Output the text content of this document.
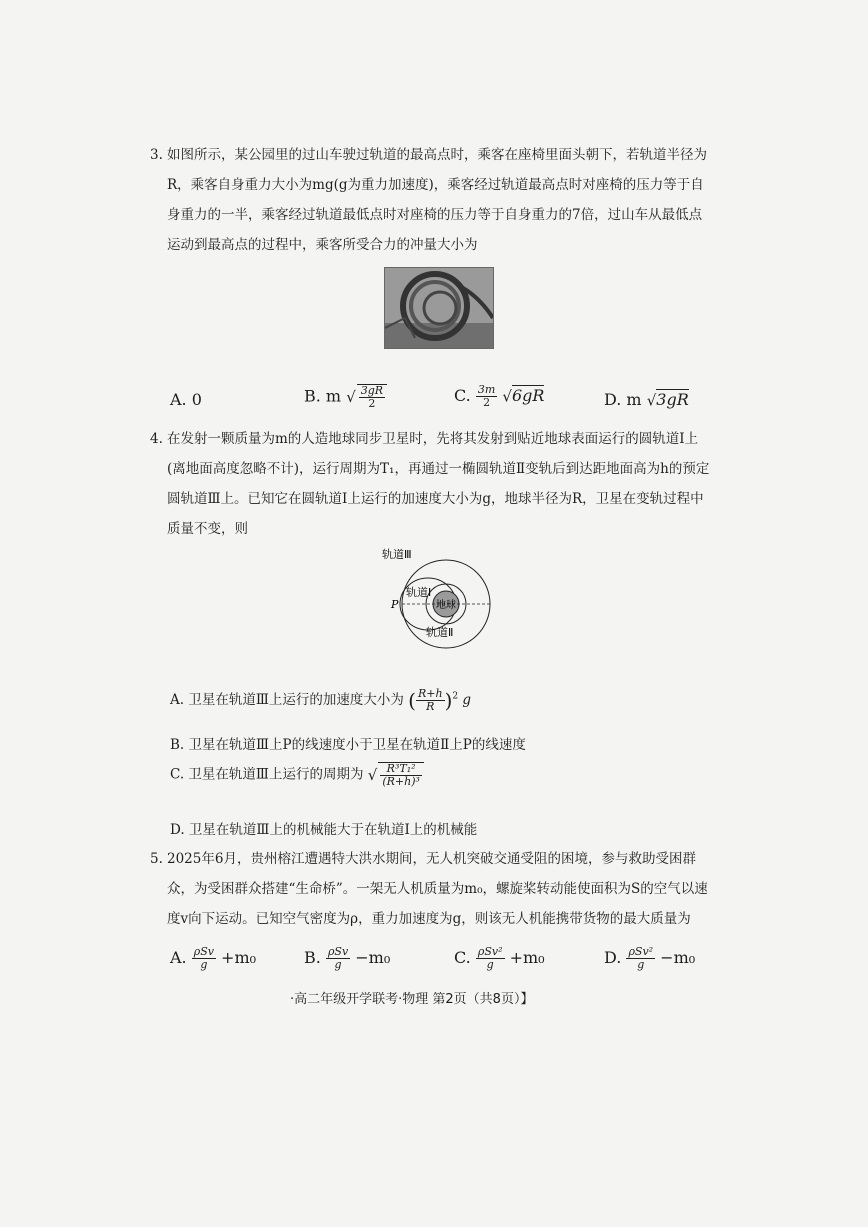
3. 如图所示，某公园里的过山车驶过轨道的最高点时，乘客在座椅里面头朝下，若轨道半径为R，乘客自身重力大小为mg(g为重力加速度)，乘客经过轨道最高点时对座椅的压力等于自身重力的一半，乘客经过轨道最低点时对座椅的压力等于自身重力的7倍，过山车从最低点运动到最高点的过程中，乘客所受合力的冲量大小为
A. 0	B. m √ $\frac{3gR}{2}$	C. $\frac{3m}{2} √6gR$	D. m √3gR
4. 在发射一颗质量为m的人造地球同步卫星时，先将其发射到贴近地球表面运行的圆轨道Ⅰ上(离地面高度忽略不计)，运行周期为T₁，再通过一椭圆轨道Ⅱ变轨后到达距地面高为h的预定圆轨道Ⅲ上。已知它在圆轨道Ⅰ上运行的加速度大小为g，地球半径为R，卫星在变轨过程中质量不变，则
轨道Ⅲ
轨道Ⅰ
地球
P
轨道Ⅱ
A. 卫星在轨道Ⅲ上运行的加速度大小为 ( $\frac{R+h}{R} )^2$ g
B. 卫星在轨道Ⅲ上P的线速度小于卫星在轨道Ⅱ上P的线速度
C. 卫星在轨道Ⅲ上运行的周期为 √ $\frac{\text{R³T₁²}}{\text{(R+h)³}}$
D. 卫星在轨道Ⅲ上的机械能大于在轨道Ⅰ上的机械能
5. 2025年6月，贵州榕江遭遇特大洪水期间，无人机突破交通受阻的困境，参与救助受困群众，为受困群众搭建“生命桥”。一架无人机质量为m₀，螺旋桨转动能使面积为S的空气以速度v向下运动。已知空气密度为ρ，重力加速度为g，则该无人机能携带货物的最大质量为
A. $\frac{\text{ρSv}}{g} +m_0$	B. $\frac{\text{ρSv}}{g} -m_0$	C. $\frac{\text{ρSv²}}{g} +m_0$	D. $\frac{\text{ρSv²}}{g} -m_0$
·高二年级开学联考·物理 第2页（共8页）】
